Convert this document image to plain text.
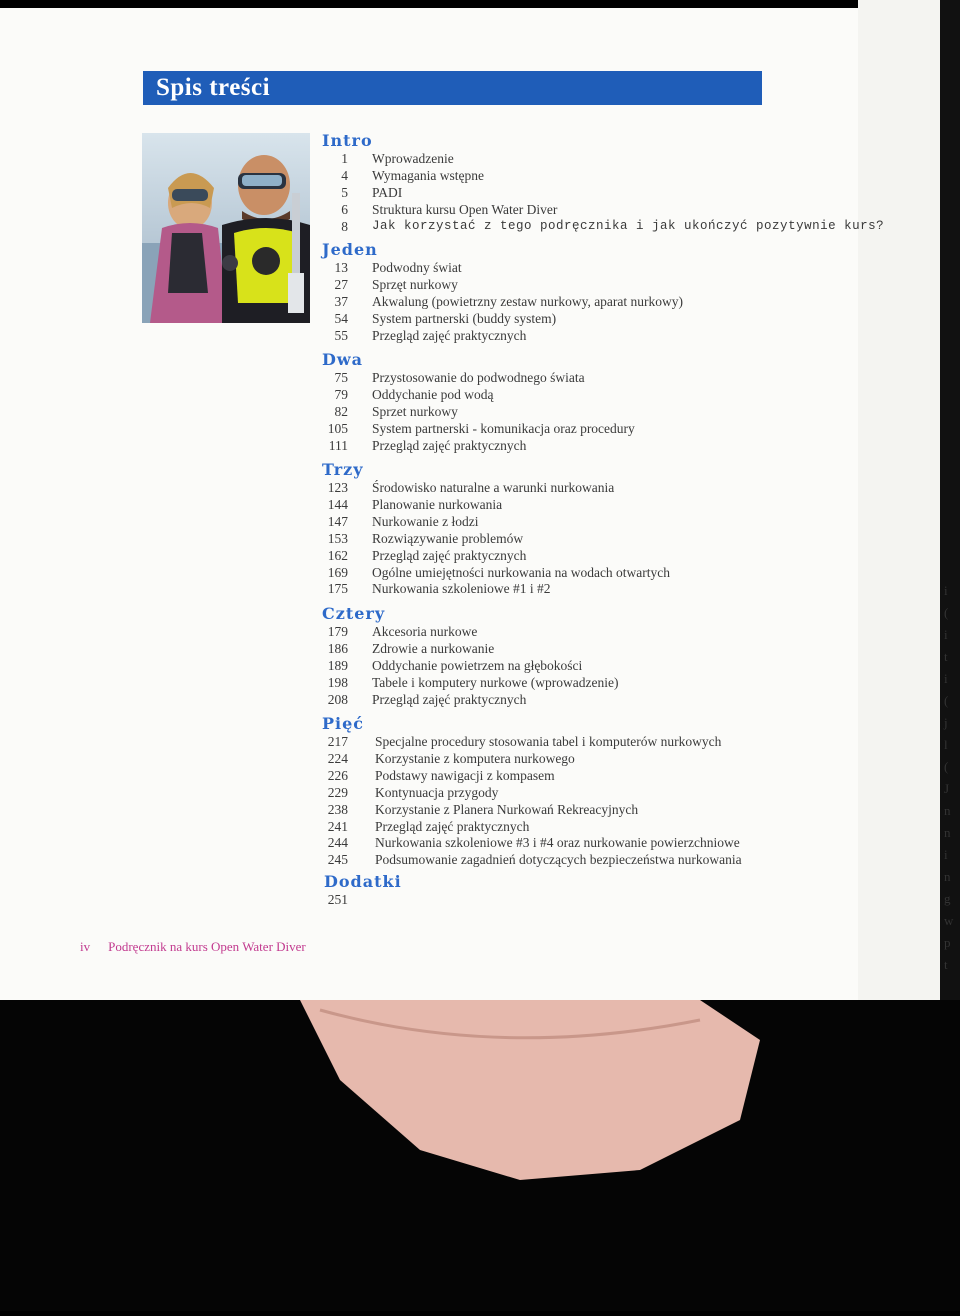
Spis treści
Intro
1 Wprowadzenie
4 Wymagania wstępne
5 PADI
6 Struktura kursu Open Water Diver
8 Jak korzystać z tego podręcznika i jak ukończyć pozytywnie kurs?
Jeden
13 Podwodny świat
27 Sprzęt nurkowy
37 Akwalung (powietrzny zestaw nurkowy, aparat nurkowy)
54 System partnerski (buddy system)
55 Przegląd zajęć praktycznych
Dwa
75 Przystosowanie do podwodnego świata
79 Oddychanie pod wodą
82 Sprzet nurkowy
105 System partnerski - komunikacja oraz procedury
111 Przegląd zajęć praktycznych
Trzy
123 Środowisko naturalne a warunki nurkowania
144 Planowanie nurkowania
147 Nurkowanie z łodzi
153 Rozwiązywanie problemów
162 Przegląd zajęć praktycznych
169 Ogólne umiejętności nurkowania na wodach otwartych
175 Nurkowania szkoleniowe #1 i #2
Cztery
179 Akcesoria nurkowe
186 Zdrowie a nurkowanie
189 Oddychanie powietrzem na głębokości
198 Tabele i komputery nurkowe (wprowadzenie)
208 Przegląd zajęć praktycznych
Pięć
217 Specjalne procedury stosowania tabel i komputerów nurkowych
224 Korzystanie z komputera nurkowego
226 Podstawy nawigacji z kompasem
229 Kontynuacja przygody
238 Korzystanie z Planera Nurkowań Rekreacyjnych
241 Przegląd zajęć praktycznych
244 Nurkowania szkoleniowe #3 i #4 oraz nurkowanie powierzchniowe
245 Podsumowanie zagadnień dotyczących bezpieczeństwa nurkowania
Dodatki
251
iv Podręcznik na kurs Open Water Diver
i
(
i
t
i
(
j
l
(
J
n
n
i
n
g
w
p
t
